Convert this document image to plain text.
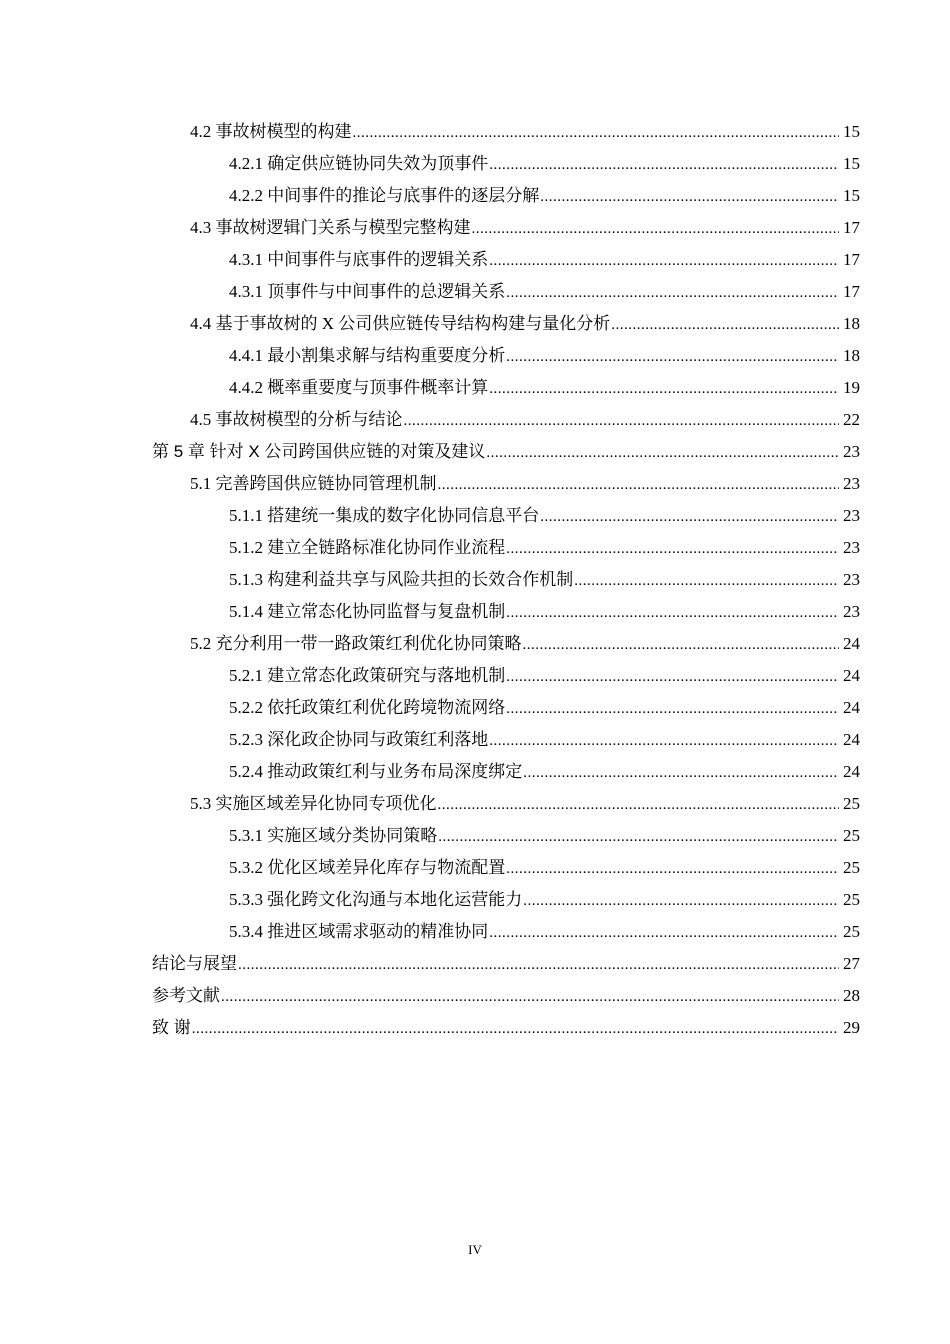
4.2 事故树模型的构建 .....	15
4.2.1 确定供应链协同失效为顶事件 .....	15
4.2.2 中间事件的推论与底事件的逐层分解 .....	15
4.3 事故树逻辑门关系与模型完整构建 .....	17
4.3.1 中间事件与底事件的逻辑关系 .....	17
4.3.1 顶事件与中间事件的总逻辑关系 .....	17
4.4 基于事故树的 X 公司供应链传导结构构建与量化分析 .....	18
4.4.1 最小割集求解与结构重要度分析 .....	18
4.4.2 概率重要度与顶事件概率计算 .....	19
4.5 事故树模型的分析与结论 .....	22
第 5 章 针对 X 公司跨国供应链的对策及建议 .....	23
5.1 完善跨国供应链协同管理机制 .....	23
5.1.1 搭建统一集成的数字化协同信息平台 .....	23
5.1.2 建立全链路标准化协同作业流程 .....	23
5.1.3 构建利益共享与风险共担的长效合作机制 .....	23
5.1.4 建立常态化协同监督与复盘机制 .....	23
5.2 充分利用一带一路政策红利优化协同策略 .....	24
5.2.1 建立常态化政策研究与落地机制 .....	24
5.2.2 依托政策红利优化跨境物流网络 .....	24
5.2.3 深化政企协同与政策红利落地 .....	24
5.2.4 推动政策红利与业务布局深度绑定 .....	24
5.3 实施区域差异化协同专项优化 .....	25
5.3.1 实施区域分类协同策略 .....	25
5.3.2 优化区域差异化库存与物流配置 .....	25
5.3.3 强化跨文化沟通与本地化运营能力 .....	25
5.3.4 推进区域需求驱动的精准协同 .....	25
结论与展望 .....	27
参考文献 .....	28
致 谢 .....	29
IV
